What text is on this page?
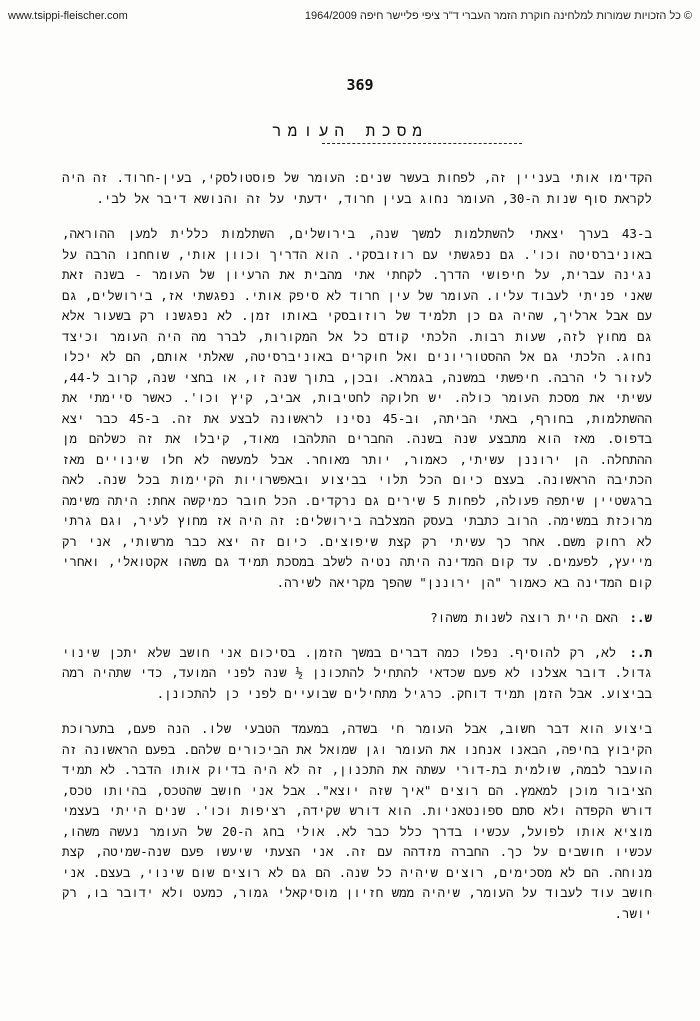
www.tsippi-fleischer.com	© כל הזכויות שמורות למלחינה חוקרת הזמר העברי ד"ר ציפי פליישר חיפה 1964/2009
369
מסכת העומר

הקדימו אותי בעניין זה, לפחות בעשר שנים: העומר של פוסטולסקי, בעין-חרוד. זה היה לקראת סוף שנות ה-30, העומר נחוג בעין חרוד, ידעתי על זה והנושא דיבר אל לבי.

ב-43 בערך יצאתי להשתלמות למשך שנה, בירושלים, השתלמות כללית למען ההוראה, באוניברסיטה וכו'. גם נפגשתי עם רוזובסקי. הוא הדריך וכוון אותי, שוחחנו הרבה על נגינה עברית, על חיפושי הדרך. לקחתי אתי מהבית את הרעיון של העומר - בשנה זאת שאני פניתי לעבוד עליו. העומר של עין חרוד לא סיפק אותי. נפגשתי אז, בירושלים, גם עם אבל ארליך, שהיה גם כן תלמיד של רוזובסקי באותו זמן. לא נפגשנו רק בשעור אלא גם מחוץ לזה, שעות רבות. הלכתי קודם כל אל המקורות, לברר מה היה העומר וכיצד נחוג. הלכתי גם אל ההסטוריונים ואל חוקרים באוניברסיטה, שאלתי אותם, הם לא יכלו לעזור לי הרבה. חיפשתי במשנה, בגמרא. ובכן, בתוך שנה זו, או בחצי שנה, קרוב ל-44, עשיתי את מסכת העומר כולה. יש חלוקה לחטיבות, אביב, קיץ וכו'. כאשר סיימתי את ההשתלמות, בחורף, באתי הביתה, וב-45 נסינו לראשונה לבצע את זה. ב-45 כבר יצא בדפוס. מאז הוא מתבצע שנה בשנה. החברים התלהבו מאוד, קיבלו את זה כשלהם מן ההתחלה. הן ירוננן עשיתי, כאמור, יותר מאוחר. אבל למעשה לא חלו שינויים מאז הכתיבה הראשונה. בעצם כיום הכל תלוי בביצוע ובאפשרויות הקיימות בכל שנה. לאה ברגשטיין שיתפה פעולה, לפחות 5 שירים גם נרקדים. הכל חובר כמיקשה אחת: היתה משימה מרוכזת במשימה. הרוב כתבתי בעסק המצלבה בירושלים: זה היה אז מחוץ לעיר, וגם גרתי לא רחוק משם. אחר כך עשיתי רק קצת שיפוצים. כיום זה יצא כבר מרשותי, אני רק מייעץ, לפעמים. עד קום המדינה היתה נטיה לשלב במסכת תמיד גם משהו אקטואלי, ואחרי קום המדינה בא כאמור "הן ירוננן" שהפך מקריאה לשירה.

ש.: האם היית רוצה לשנות משהו?

ת.: לא, רק להוסיף. נפלו כמה דברים במשך הזמן. בסיכום אני חושב שלא יתכן שינוי גדול. דובר אצלנו לא פעם שכדאי להתחיל להתכונן ½ שנה לפני המועד, כדי שתהיה רמה בביצוע. אבל הזמן תמיד דוחק. כרגיל מתחילים שבועיים לפני כן להתכונן.

ביצוע הוא דבר חשוב, אבל העומר חי בשדה, במעמד הטבעי שלו. הנה פעם, בתערוכת הקיבוץ בחיפה, הבאנו אנחנו את העומר וגן שמואל את הביכורים שלהם. בפעם הראשונה זה הועבר לבמה, שולמית בת-דורי עשתה את התכנון, זה לא היה בדיוק אותו הדבר. לא תמיד הציבור מוכן למאמץ. הם רוצים "איך שזה יוצא". אבל אני חושב שהטכס, בהיותו טכס, דורש הקפדה ולא סתם ספונטאניות. הוא דורש שקידה, רציפות וכו'. שנים הייתי בעצמי מוציא אותו לפועל, עכשיו בדרך כלל כבר לא. אולי בחג ה-20 של העומר נעשה משהו, עכשיו חושבים על כך. החברה מזדהה עם זה. אני הצעתי שיעשו פעם שנה-שמיטה, קצת מנוחה. הם לא מסכימים, רוצים שיהיה כל שנה. הם גם לא רוצים שום שינוי, בעצם. אני חושב עוד לעבוד על העומר, שיהיה ממש חזיון מוסיקאלי גמור, כמעט ולא ידובר בו, רק יושר.
